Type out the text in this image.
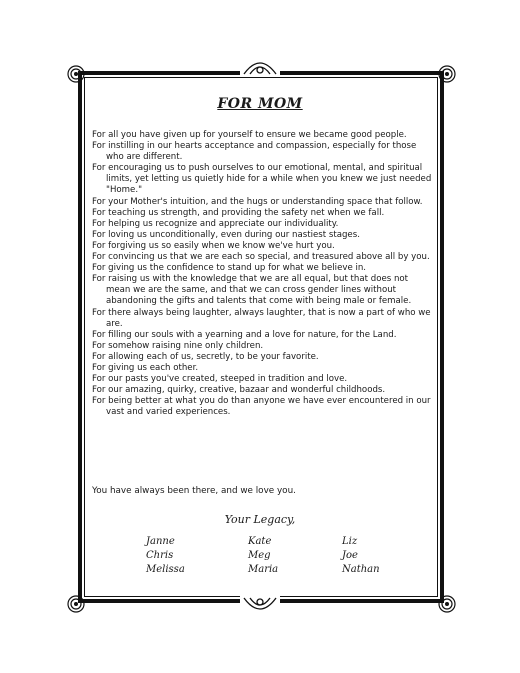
FOR MOM

For all you have given up for yourself to ensure we became good people.

For instilling in our hearts acceptance and compassion, especially for those who are different.

For encouraging us to push ourselves to our emotional, mental, and spiritual limits, yet letting us quietly hide for a while when you knew we just needed "Home."

For your Mother's intuition, and the hugs or understanding space that follow.

For teaching us strength, and providing the safety net when we fall.

For helping us recognize and appreciate our individuality.

For loving us unconditionally, even during our nastiest stages.

For forgiving us so easily when we know we've hurt you.

For convincing us that we are each so special, and treasured above all by you.

For giving us the confidence to stand up for what we believe in.

For raising us with the knowledge that we are all equal, but that does not mean we are the same, and that we can cross gender lines without abandoning the gifts and talents that come with being male or female.

For there always being laughter, always laughter, that is now a part of who we are.

For filling our souls with a yearning and a love for nature, for the Land.

For somehow raising nine only children.

For allowing each of us, secretly, to be your favorite.

For giving us each other.

For our pasts you've created, steeped in tradition and love.

For our amazing, quirky, creative, bazaar and wonderful childhoods.

For being better at what you do than anyone we have ever encountered in our vast and varied experiences.

You have always been there, and we love you.
Your Legacy,
Janne
Chris
Melissa
Kate
Meg
Maria
Liz
Joe
Nathan
